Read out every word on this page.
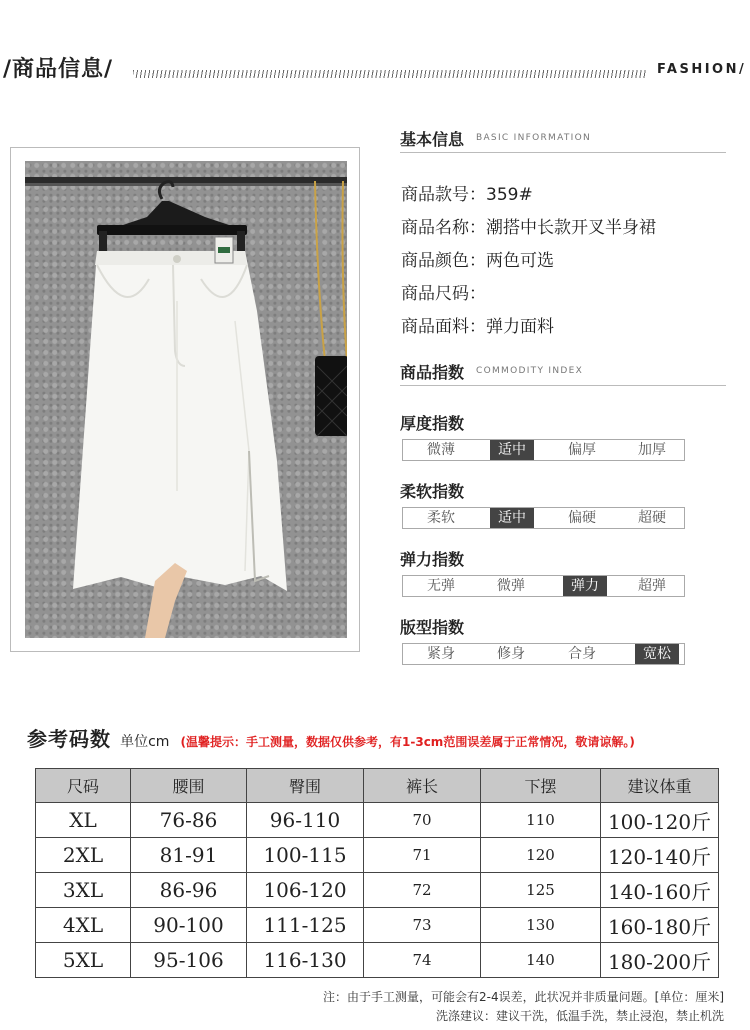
/商品信息/	FASHION/
基本信息 BASIC INFORMATION
商品款号：359#
商品名称：潮搭中长款开叉半身裙
商品颜色：两色可选
商品尺码：
商品面料：弹力面料
商品指数 COMMODITY INDEX
厚度指数
微薄	适中	偏厚	加厚
柔软指数
柔软	适中	偏硬	超硬
弹力指数
无弹	微弹	弹力	超弹
版型指数
紧身	修身	合身	宽松
参考码数 单位cm (温馨提示：手工测量，数据仅供参考，有1-3cm范围误差属于正常情况，敬请谅解。)
尺码	腰围	臀围	裤长	下摆	建议体重
XL	76-86	96-110	70	110	100-120斤
2XL	81-91	100-115	71	120	120-140斤
3XL	86-96	106-120	72	125	140-160斤
4XL	90-100	111-125	73	130	160-180斤
5XL	95-106	116-130	74	140	180-200斤
注：由于手工测量，可能会有2-4误差，此状况并非质量问题。[单位：厘米]
洗涤建议：建议干洗，低温手洗，禁止浸泡，禁止机洗
